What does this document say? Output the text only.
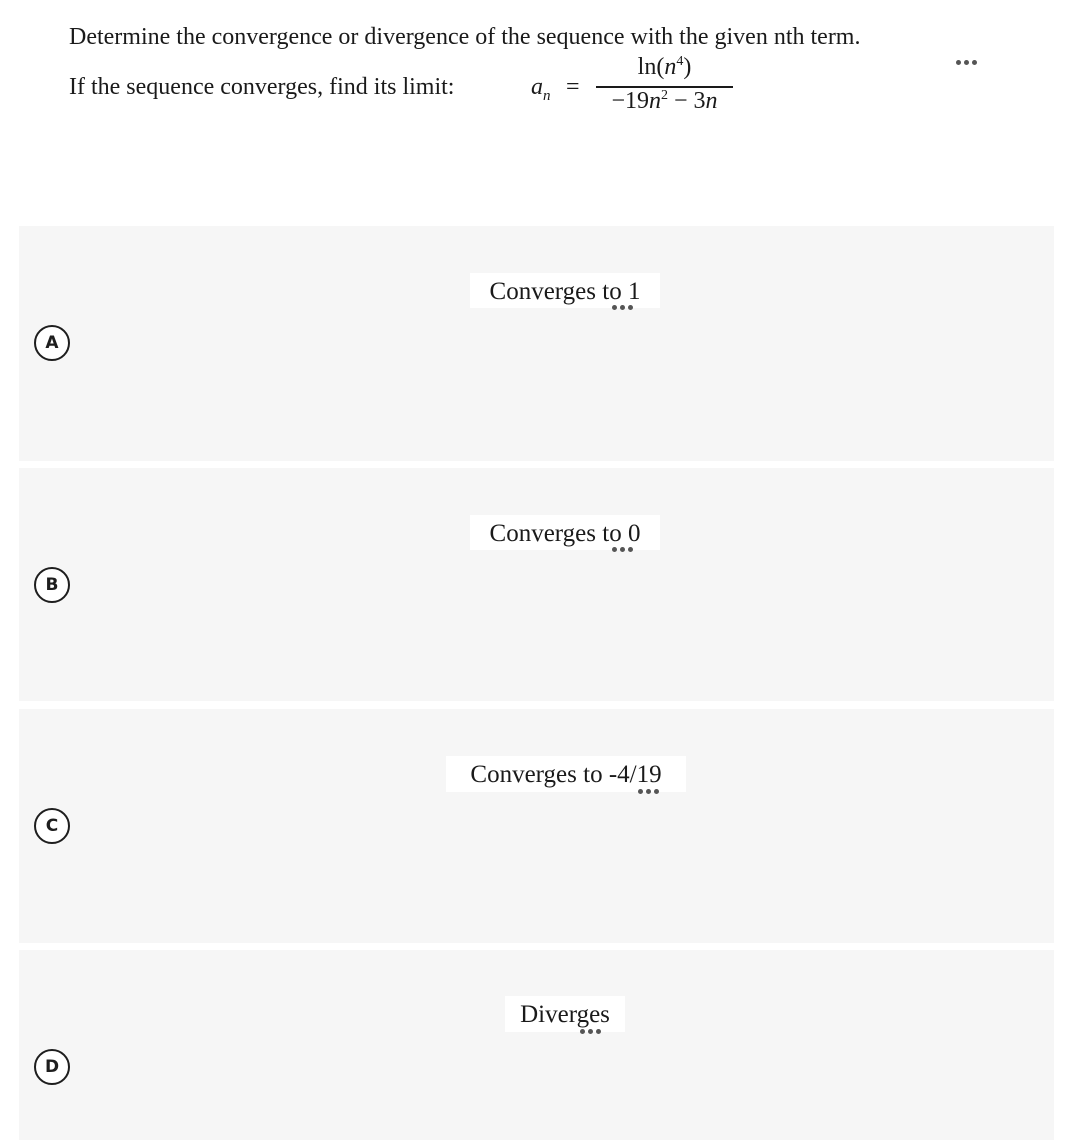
Determine the convergence or divergence of the sequence with the given nth term.
If the sequence converges, find its limit:	$a_n$ =
$\ln(n^4)$
$-19n^2 - 3n$
A
Converges to 1
B
Converges to 0
C
Converges to -4/19
D
Diverges
